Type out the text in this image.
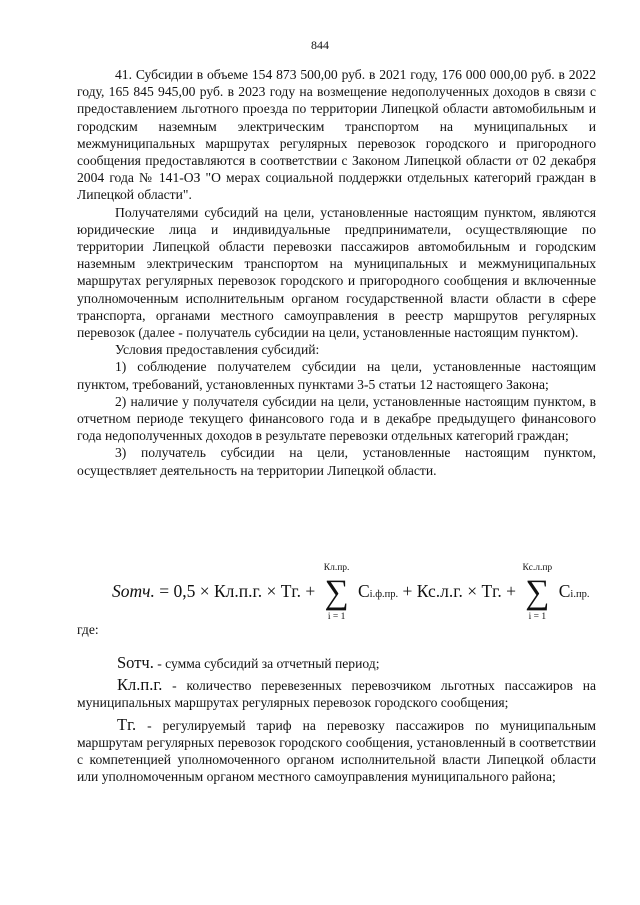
844

41. Субсидии в объеме 154 873 500,00 руб. в 2021 году, 176 000 000,00 руб. в 2022 году, 165 845 945,00 руб. в 2023 году на возмещение недополученных доходов в связи с предоставлением льготного проезда по территории Липецкой области автомобильным и городским наземным электрическим транспортом на муниципальных и межмуниципальных маршрутах регулярных перевозок городского и пригородного сообщения предоставляются в соответствии с Законом Липецкой области от 02 декабря 2004 года № 141-ОЗ "О мерах социальной поддержки отдельных категорий граждан в Липецкой области".

Получателями субсидий на цели, установленные настоящим пунктом, являются юридические лица и индивидуальные предприниматели, осуществляющие по территории Липецкой области перевозки пассажиров автомобильным и городским наземным электрическим транспортом на муниципальных и межмуниципальных маршрутах регулярных перевозок городского и пригородного сообщения и включенные уполномоченным исполнительным органом государственной власти области в сфере транспорта, органами местного самоуправления в реестр маршрутов регулярных перевозок (далее - получатель субсидии на цели, установленные настоящим пунктом).

Условия предоставления субсидий:

1) соблюдение получателем субсидии на цели, установленные настоящим пунктом, требований, установленных пунктами 3-5 статьи 12 настоящего Закона;

2) наличие у получателя субсидии на цели, установленные настоящим пунктом, в отчетном периоде текущего финансового года и в декабре предыдущего финансового года недополученных доходов в результате перевозки отдельных категорий граждан;

3) получатель субсидии на цели, установленные настоящим пунктом, осуществляет деятельность на территории Липецкой области.

Sотч. = 0,5 × Кл.п.г. × Тг. +
Кл.пр.
∑
i = 1
Ci.ф.пр. + Кс.л.г. × Тг. +
Кс.л.пр
∑
i = 1
Ci.пр.
где:

Sотч. - сумма субсидий за отчетный период;

Кл.п.г. - количество перевезенных перевозчиком льготных пассажиров на муниципальных маршрутах регулярных перевозок городского сообщения;

Тг. - регулируемый тариф на перевозку пассажиров по муниципальным маршрутам регулярных перевозок городского сообщения, установленный в соответствии с компетенцией уполномоченного органом исполнительной власти Липецкой области или уполномоченным органом местного самоуправления муниципального района;
